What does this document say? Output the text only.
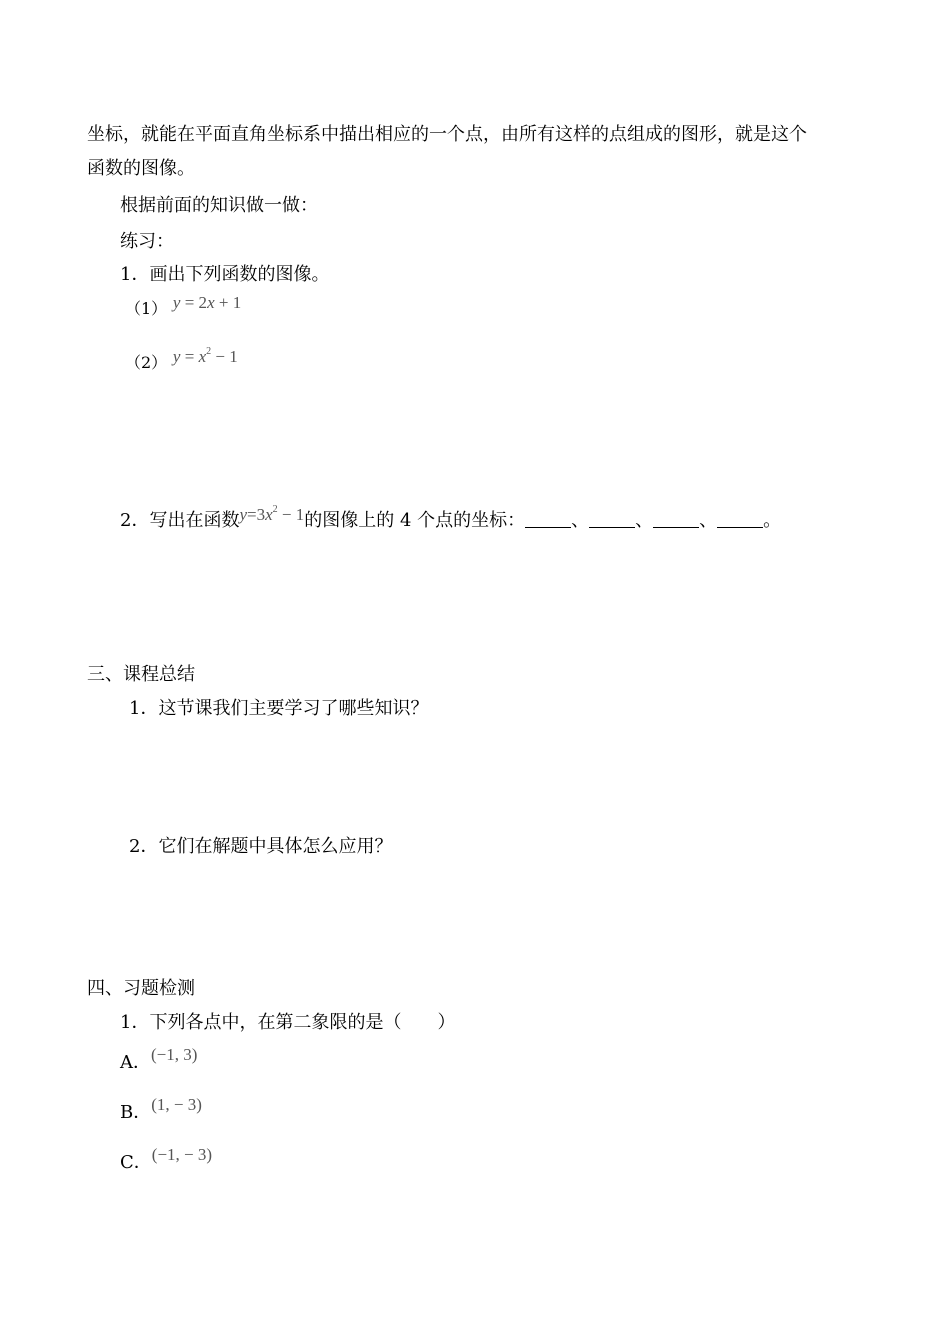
坐标，就能在平面直角坐标系中描出相应的一个点，由所有这样的点组成的图形，就是这个
函数的图像。
根据前面的知识做一做：
练习：
1．画出下列函数的图像。
（1） y = 2x + 1
（2） $y = x^2 - 1$
2．写出在函数$y=3x^2 - 1$的图像上的 4 个点的坐标：	、	、	、	。
三、课程总结
1．这节课我们主要学习了哪些知识？
2．它们在解题中具体怎么应用？
四、习题检测
1．下列各点中，在第二象限的是（　　）
A．(−1, 3)
B．(1, − 3)
C．(−1, − 3)
